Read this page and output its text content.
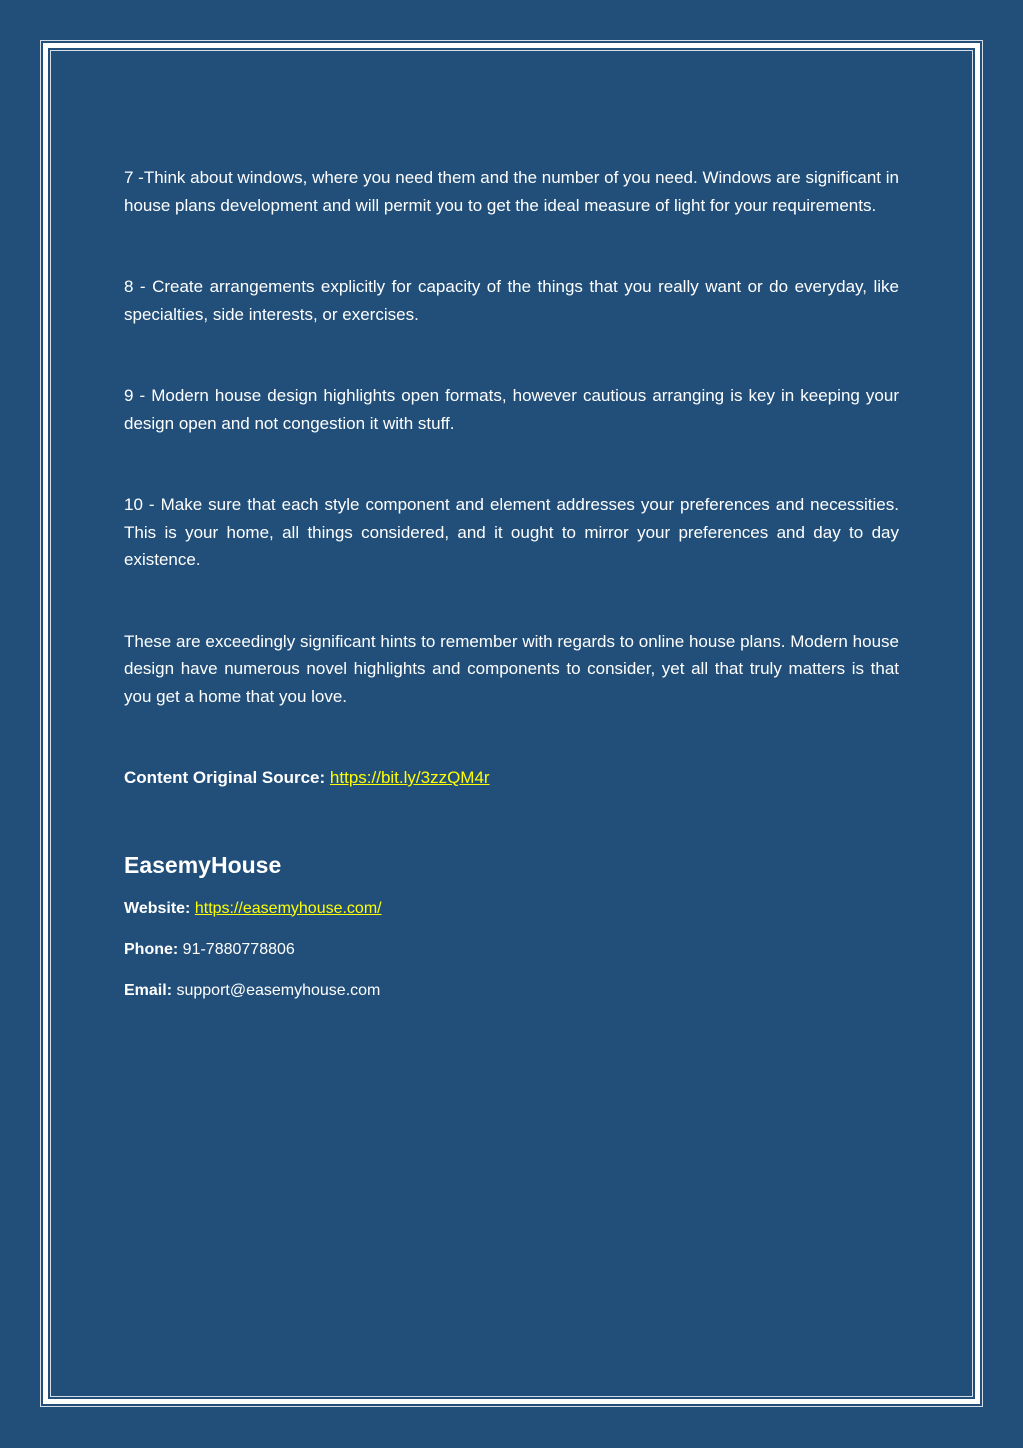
7 -Think about windows, where you need them and the number of you need. Windows are significant in house plans development and will permit you to get the ideal measure of light for your requirements.

8 - Create arrangements explicitly for capacity of the things that you really want or do everyday, like specialties, side interests, or exercises.

9 - Modern house design highlights open formats, however cautious arranging is key in keeping your design open and not congestion it with stuff.

10 - Make sure that each style component and element addresses your preferences and necessities. This is your home, all things considered, and it ought to mirror your preferences and day to day existence.

These are exceedingly significant hints to remember with regards to online house plans. Modern house design have numerous novel highlights and components to consider, yet all that truly matters is that you get a home that you love.

Content Original Source: https://bit.ly/3zzQM4r

EasemyHouse

Website: https://easemyhouse.com/

Phone: 91-7880778806

Email: support@easemyhouse.com
